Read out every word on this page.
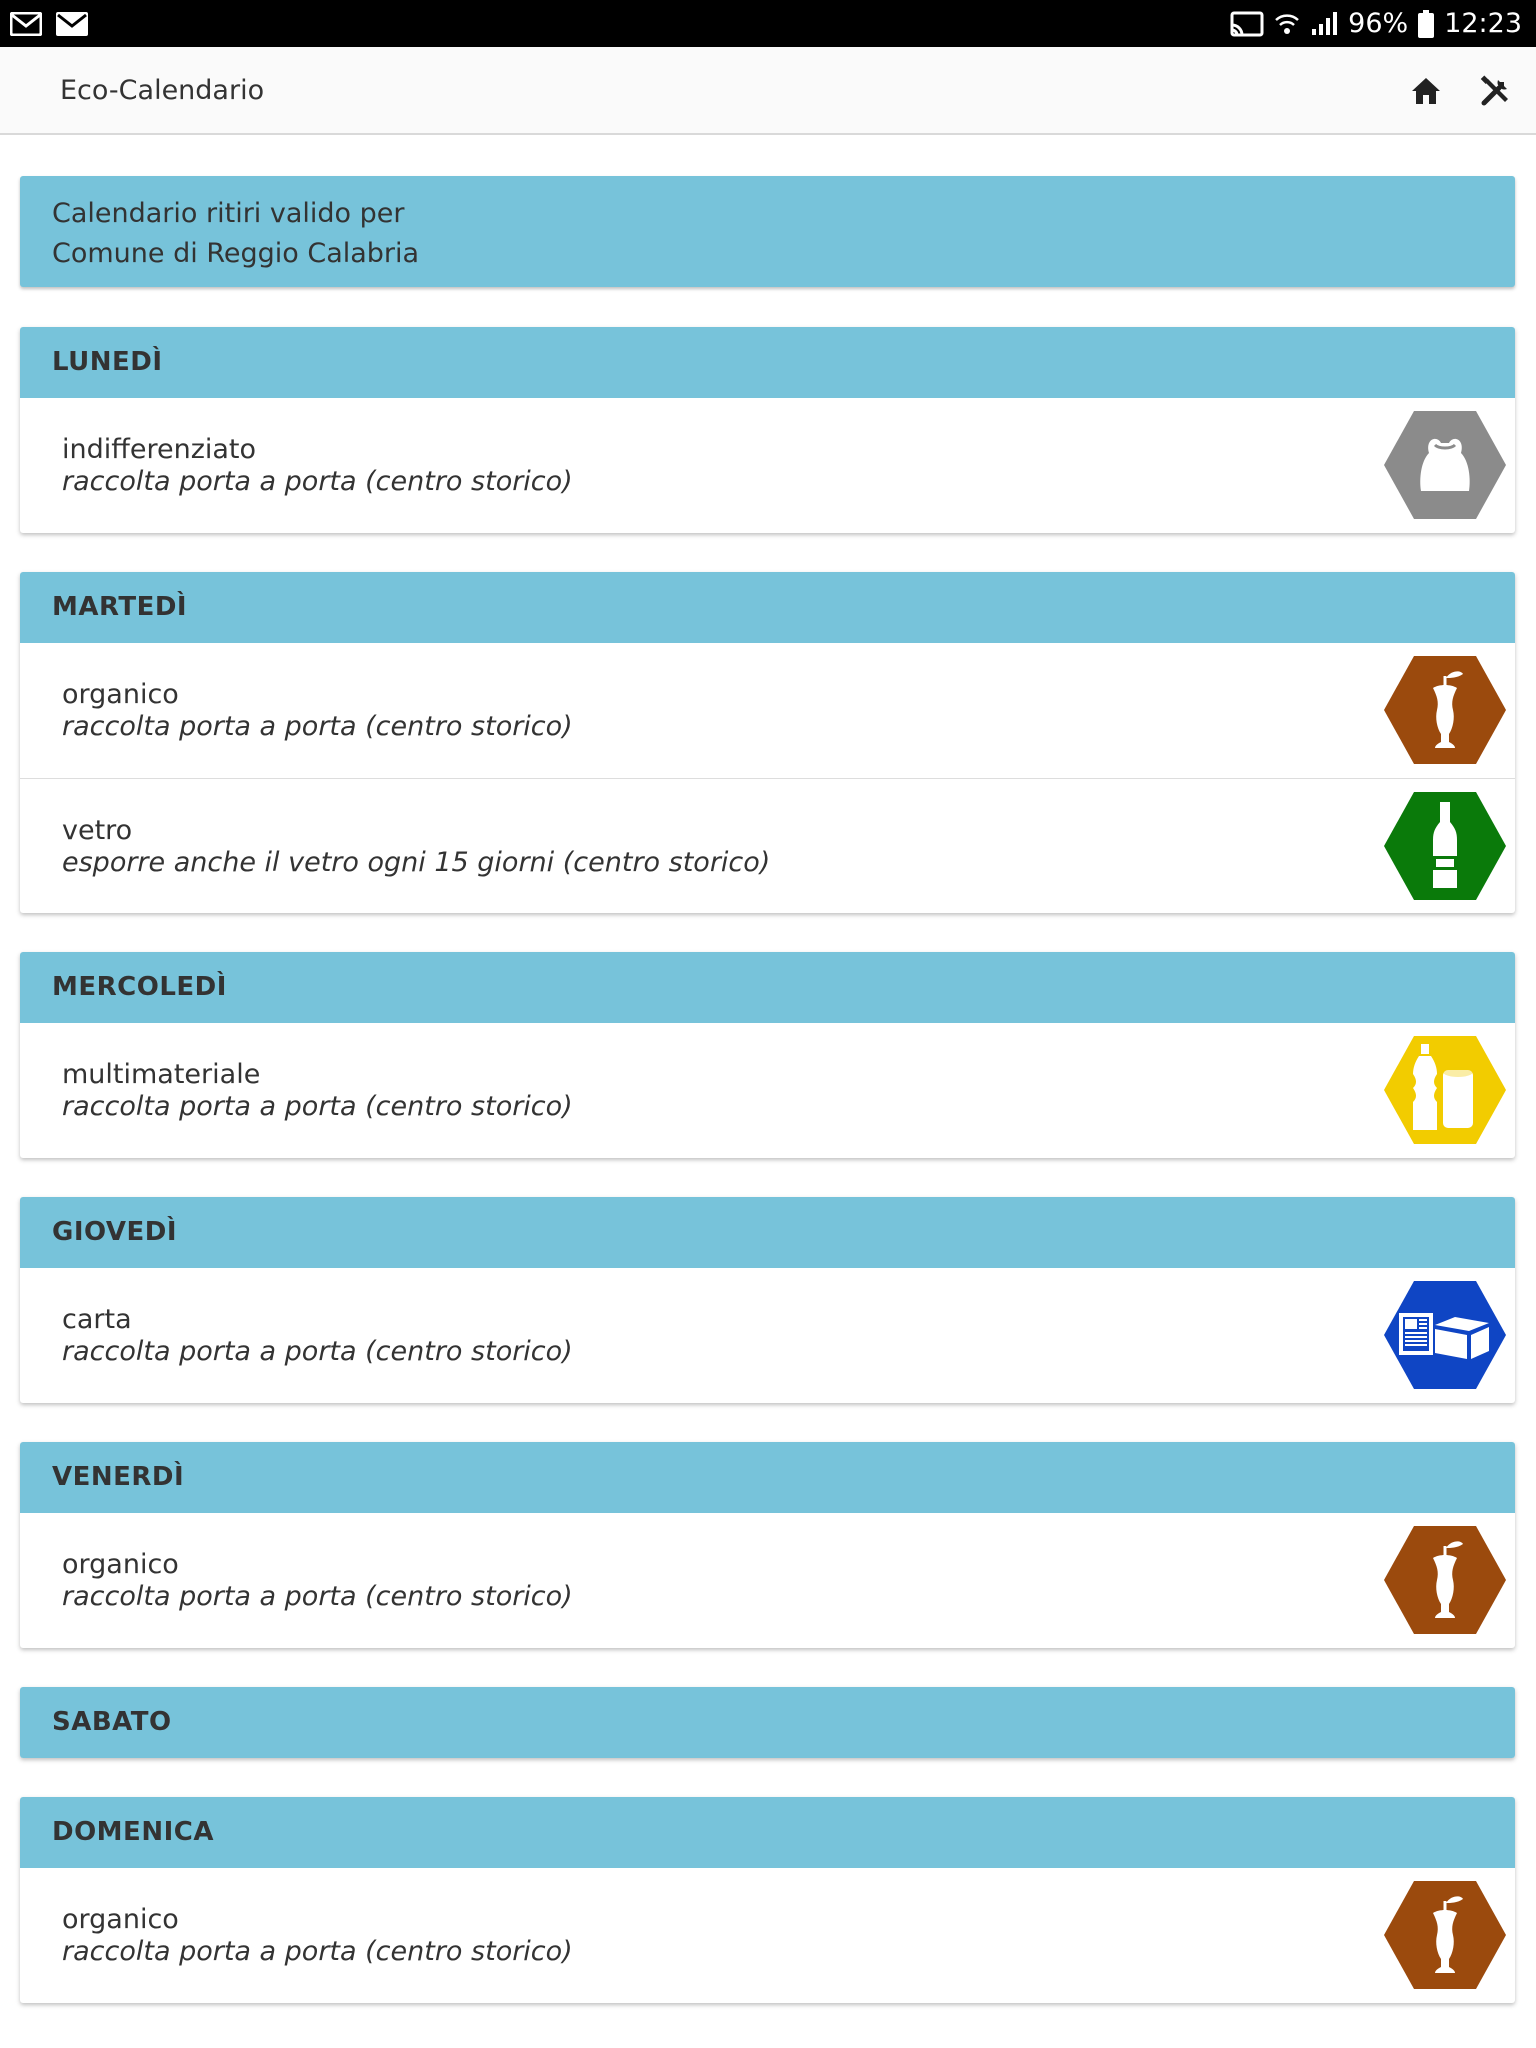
96% 12:23
Eco-Calendario
Calendario ritiri valido per
Comune di Reggio Calabria
LUNEDÌ
indifferenziato
raccolta porta a porta (centro storico)
MARTEDÌ
organico
raccolta porta a porta (centro storico)
vetro
esporre anche il vetro ogni 15 giorni (centro storico)
MERCOLEDÌ
multimateriale
raccolta porta a porta (centro storico)
GIOVEDÌ
carta
raccolta porta a porta (centro storico)
VENERDÌ
organico
raccolta porta a porta (centro storico)
SABATO
DOMENICA
organico
raccolta porta a porta (centro storico)
